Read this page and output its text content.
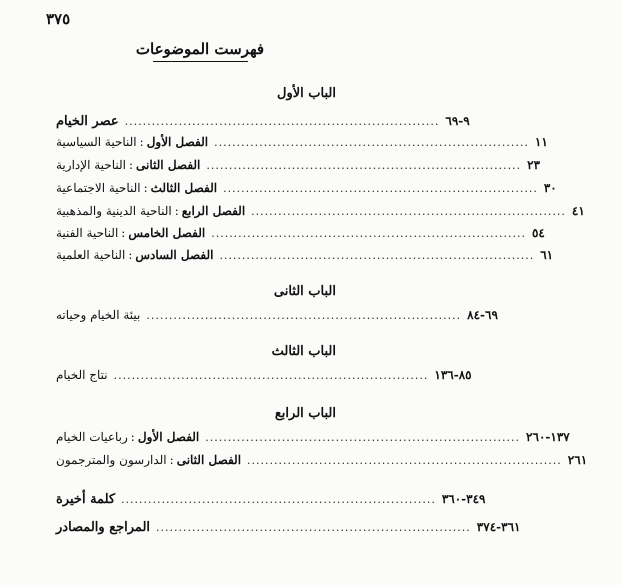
٣٧٥
فهرست الموضوعات
الباب الأول
عصر الخيام ...................................................................... ٩-٦٩
الفصل الأول:الناحية السياسية	...................................................................... ١١
الفصل الثانى:الناحية الإدارية	...................................................................... ٢٣
الفصل الثالث:الناحية الاجتماعية	...................................................................... ٣٠
الفصل الرابع:الناحية الدينية والمذهبية	...................................................................... ٤١
الفصل الخامس:الناحية الفنية	...................................................................... ٥٤
الفصل السادس:الناحية العلمية	...................................................................... ٦١
الباب الثانى
بيئة الخيام وحياته ...................................................................... ٦٩-٨٤
الباب الثالث
نتاج الخيام ...................................................................... ٨٥-١٣٦
الباب الرابع
الفصل الأول:رباعيات الخيام	...................................................................... ١٣٧-٢٦٠
الفصل الثانى:الدارسون والمترجمون	...................................................................... ٢٦١
كلمة أخيرة ...................................................................... ٣٤٩-٣٦٠
المراجع والمصادر ...................................................................... ٣٦١-٣٧٤
